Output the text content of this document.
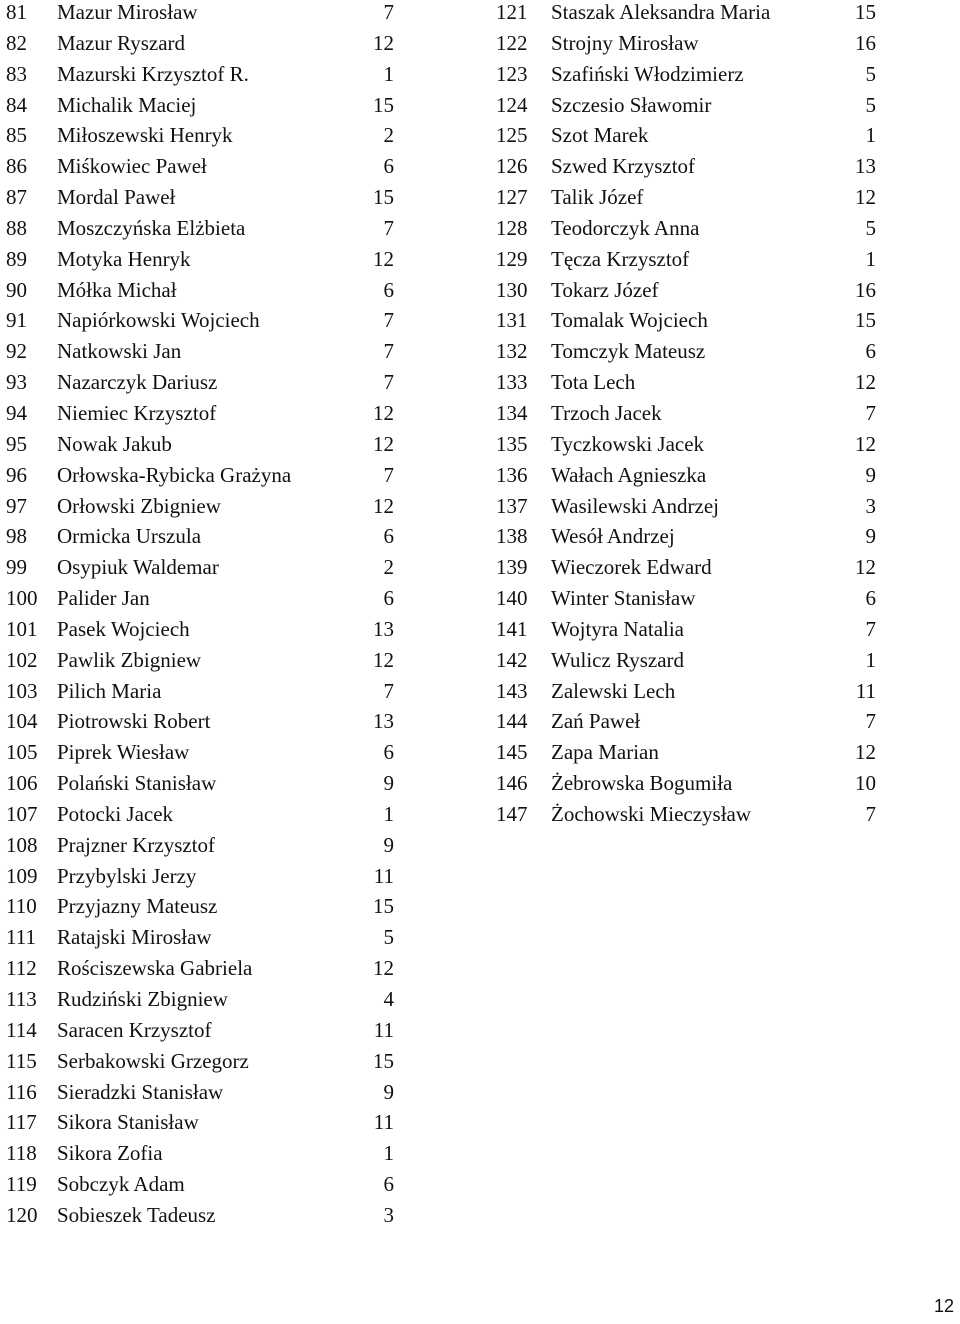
81 Mazur Mirosław	7
82 Mazur Ryszard	12
83 Mazurski Krzysztof R.	1
84 Michalik Maciej	15
85 Miłoszewski Henryk	2
86 Miśkowiec Paweł	6
87 Mordal Paweł	15
88 Moszczyńska Elżbieta	7
89 Motyka Henryk	12
90 Mółka Michał	6
91 Napiórkowski Wojciech	7
92 Natkowski Jan	7
93 Nazarczyk Dariusz	7
94 Niemiec Krzysztof	12
95 Nowak Jakub	12
96 Orłowska-Rybicka Grażyna	7
97 Orłowski Zbigniew	12
98 Ormicka Urszula	6
99 Osypiuk Waldemar	2
100 Palider Jan	6
101 Pasek Wojciech	13
102 Pawlik Zbigniew	12
103 Pilich Maria	7
104 Piotrowski Robert	13
105 Piprek Wiesław	6
106 Polański Stanisław	9
107 Potocki Jacek	1
108 Prajzner Krzysztof	9
109 Przybylski Jerzy	11
110 Przyjazny Mateusz	15
111 Ratajski Mirosław	5
112 Rościszewska Gabriela	12
113 Rudziński Zbigniew	4
114 Saracen Krzysztof	11
115 Serbakowski Grzegorz	15
116 Sieradzki Stanisław	9
117 Sikora Stanisław	11
118 Sikora Zofia	1
119 Sobczyk Adam	6
120 Sobieszek Tadeusz	3
121 Staszak Aleksandra Maria	15
122 Strojny Mirosław	16
123 Szafiński Włodzimierz	5
124 Szczesio Sławomir	5
125 Szot Marek	1
126 Szwed Krzysztof	13
127 Talik Józef	12
128 Teodorczyk Anna	5
129 Tęcza Krzysztof	1
130 Tokarz Józef	16
131 Tomalak Wojciech	15
132 Tomczyk Mateusz	6
133 Tota Lech	12
134 Trzoch Jacek	7
135 Tyczkowski Jacek	12
136 Wałach Agnieszka	9
137 Wasilewski Andrzej	3
138 Wesół Andrzej	9
139 Wieczorek Edward	12
140 Winter Stanisław	6
141 Wojtyra Natalia	7
142 Wulicz Ryszard	1
143 Zalewski Lech	11
144 Zań Paweł	7
145 Zapa Marian	12
146 Żebrowska Bogumiła	10
147 Żochowski Mieczysław	7
12
